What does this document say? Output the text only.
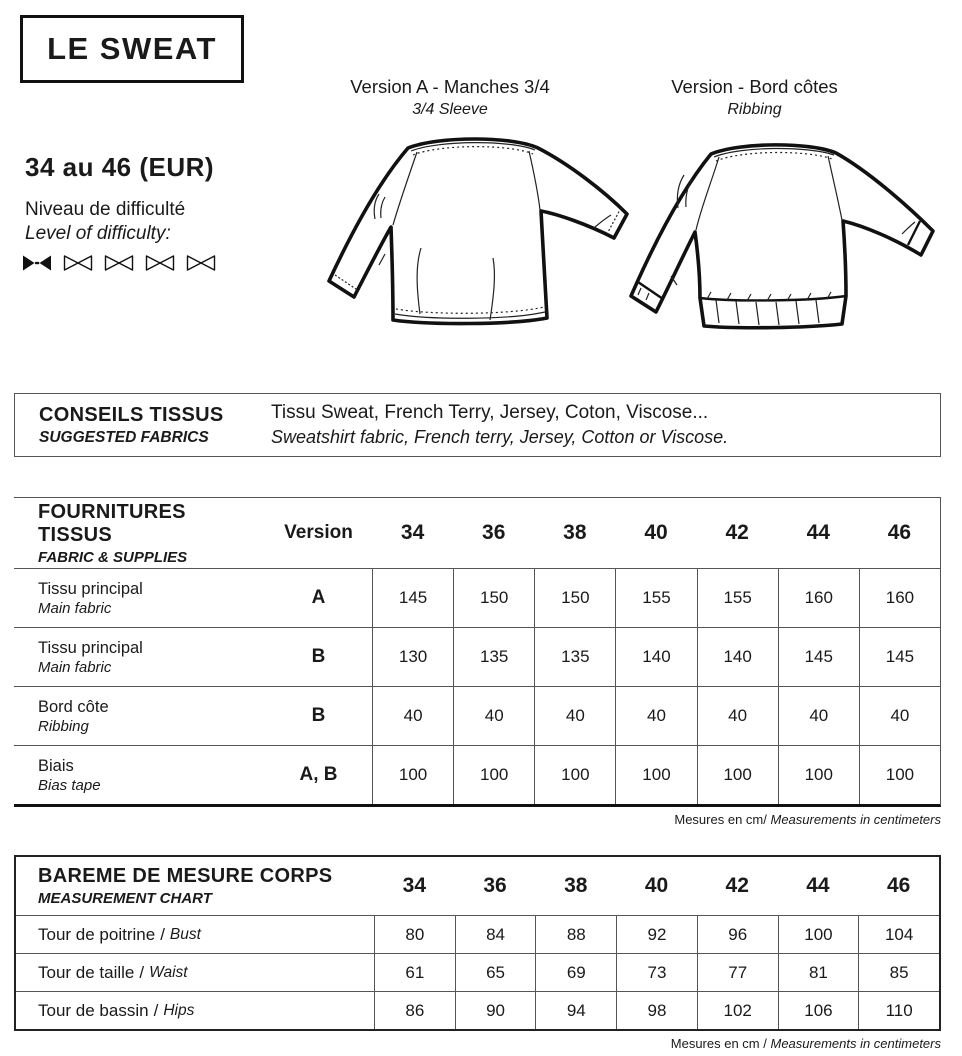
LE SWEAT
34 au 46 (EUR)
Niveau de difficulté
Level of difficulty:
Version A - Manches 3/4
3/4 Sleeve
Version - Bord côtes
Ribbing
CONSEILS TISSUS
SUGGESTED FABRICS
Tissu Sweat, French Terry, Jersey, Coton, Viscose...
Sweatshirt fabric, French terry, Jersey, Cotton or Viscose.
FOURNITURES TISSUS
FABRIC & SUPPLIES
Version	34	36	38	40	42	44	46
Tissu principal
Main fabric	A	145	150	150	155	155	160	160
Tissu principal
Main fabric	B	130	135	135	140	140	145	145
Bord côte
Ribbing	B	40	40	40	40	40	40	40
Biais
Bias tape	A, B	100	100	100	100	100	100	100
Mesures en cm/ Measurements in centimeters
BAREME DE MESURE CORPS
MEASUREMENT CHART
34	36	38	40	42	44	46
Tour de poitrine / Bust	80	84	88	92	96	100	104
Tour de taille / Waist	61	65	69	73	77	81	85
Tour de bassin / Hips	86	90	94	98	102	106	110
Mesures en cm / Measurements in centimeters
